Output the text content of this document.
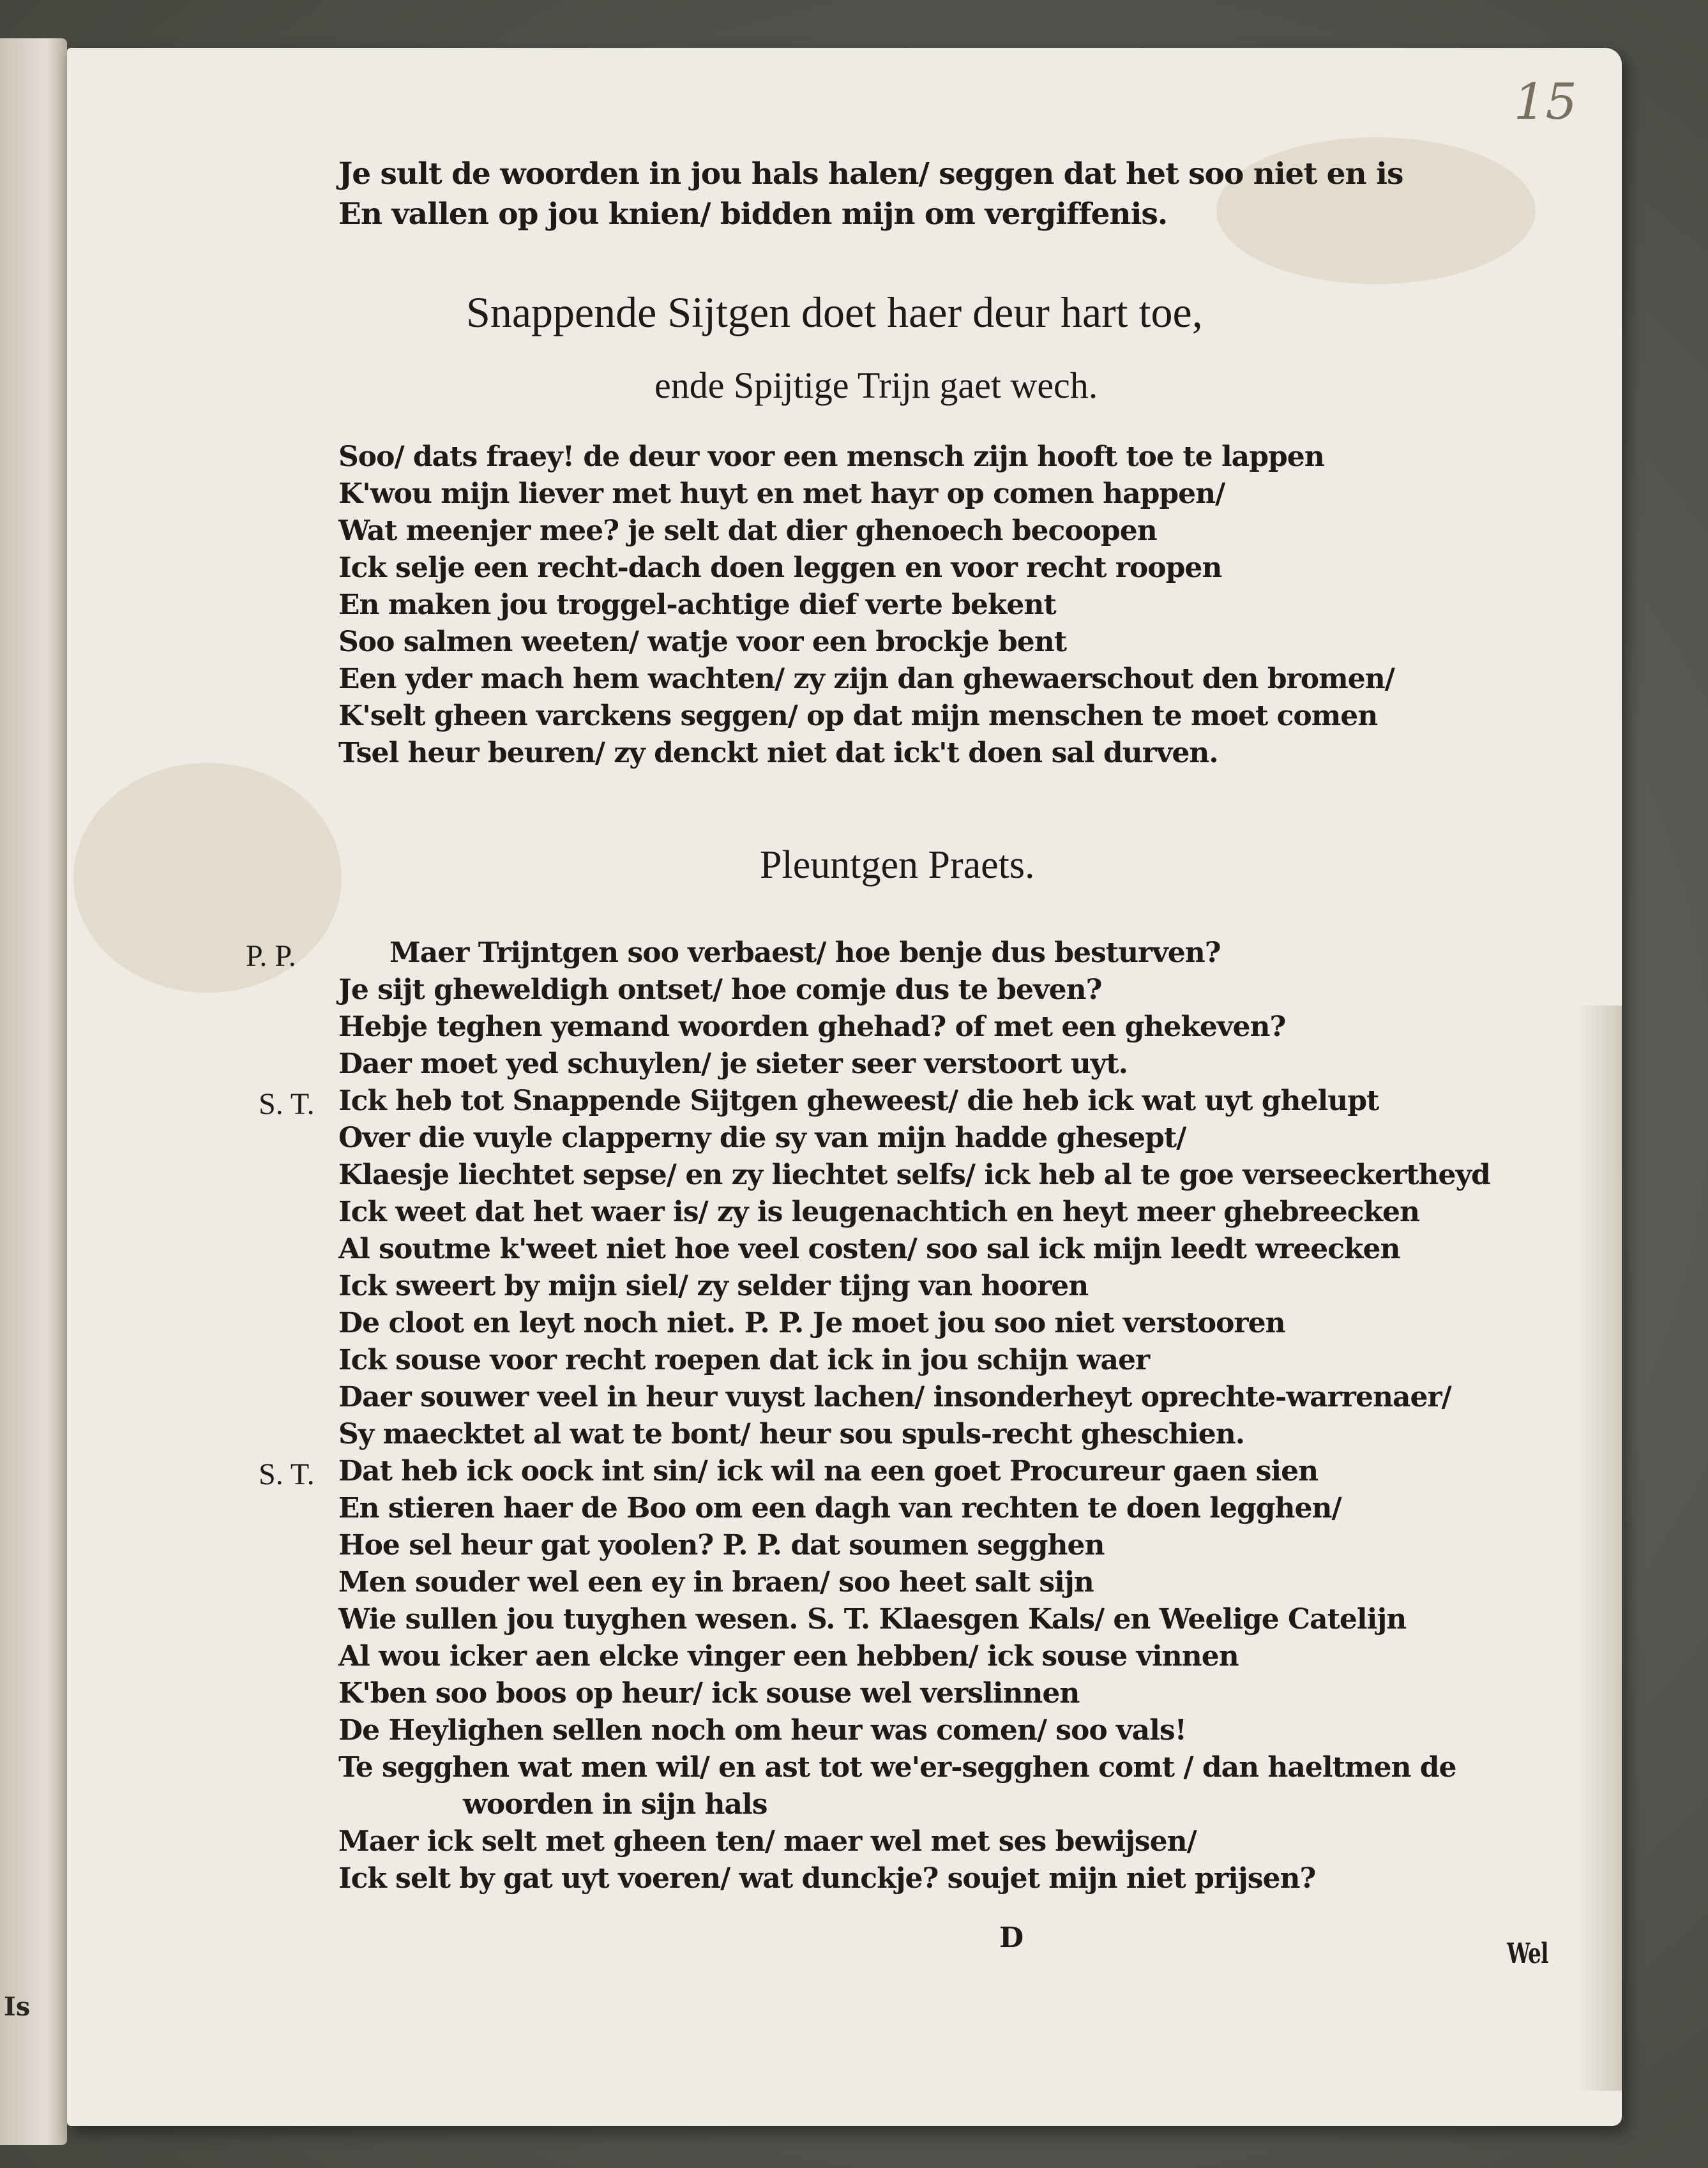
Is
15
Je sult de woorden in jou hals halen/ seggen dat het soo niet en is
En vallen op jou knien/ bidden mijn om vergiffenis.
Snappende Sijtgen doet haer deur hart toe,
ende Spijtige Trijn gaet wech.
Soo/ dats fraey! de deur voor een mensch zijn hooft toe te lappen
K'wou mijn liever met huyt en met hayr op comen happen/
Wat meenjer mee? je selt dat dier ghenoech becoopen
Ick selje een recht-dach doen leggen en voor recht roopen
En maken jou troggel-achtige dief verte bekent
Soo salmen weeten/ watje voor een brockje bent
Een yder mach hem wachten/ zy zijn dan ghewaerschout den bromen/
K'selt gheen varckens seggen/ op dat mijn menschen te moet comen
Tsel heur beuren/ zy denckt niet dat ick't doen sal durven.
Pleuntgen Praets.
P. P.	Maer Trijntgen soo verbaest/ hoe benje dus besturven?
Je sijt gheweldigh ontset/ hoe comje dus te beven?
Hebje teghen yemand woorden ghehad? of met een ghekeven?
Daer moet yed schuylen/ je sieter seer verstoort uyt.
S. T. Ick heb tot Snappende Sijtgen gheweest/ die heb ick wat uyt ghelupt
Over die vuyle clapperny die sy van mijn hadde ghesept/
Klaesje liechtet sepse/ en zy liechtet selfs/ ick heb al te goe verseeckertheyd
Ick weet dat het waer is/ zy is leugenachtich en heyt meer ghebreecken
Al soutme k'weet niet hoe veel costen/ soo sal ick mijn leedt wreecken
Ick sweert by mijn siel/ zy selder tijng van hooren
De cloot en leyt noch niet. P. P. Je moet jou soo niet verstooren
Ick souse voor recht roepen dat ick in jou schijn waer
Daer souwer veel in heur vuyst lachen/ insonderheyt oprechte-warrenaer/
Sy maecktet al wat te bont/ heur sou spuls-recht gheschien.
S. T. Dat heb ick oock int sin/ ick wil na een goet Procureur gaen sien
En stieren haer de Boo om een dagh van rechten te doen legghen/
Hoe sel heur gat yoolen? P. P. dat soumen segghen
Men souder wel een ey in braen/ soo heet salt sijn
Wie sullen jou tuyghen wesen. S. T. Klaesgen Kals/ en Weelige Catelijn
Al wou icker aen elcke vinger een hebben/ ick souse vinnen
K'ben soo boos op heur/ ick souse wel verslinnen
De Heylighen sellen noch om heur was comen/ soo vals!
Te segghen wat men wil/ en ast tot we'er-segghen comt / dan haeltmen de
woorden in sijn hals
Maer ick selt met gheen ten/ maer wel met ses bewijsen/
Ick selt by gat uyt voeren/ wat dunckje? soujet mijn niet prijsen?
D	Wel
